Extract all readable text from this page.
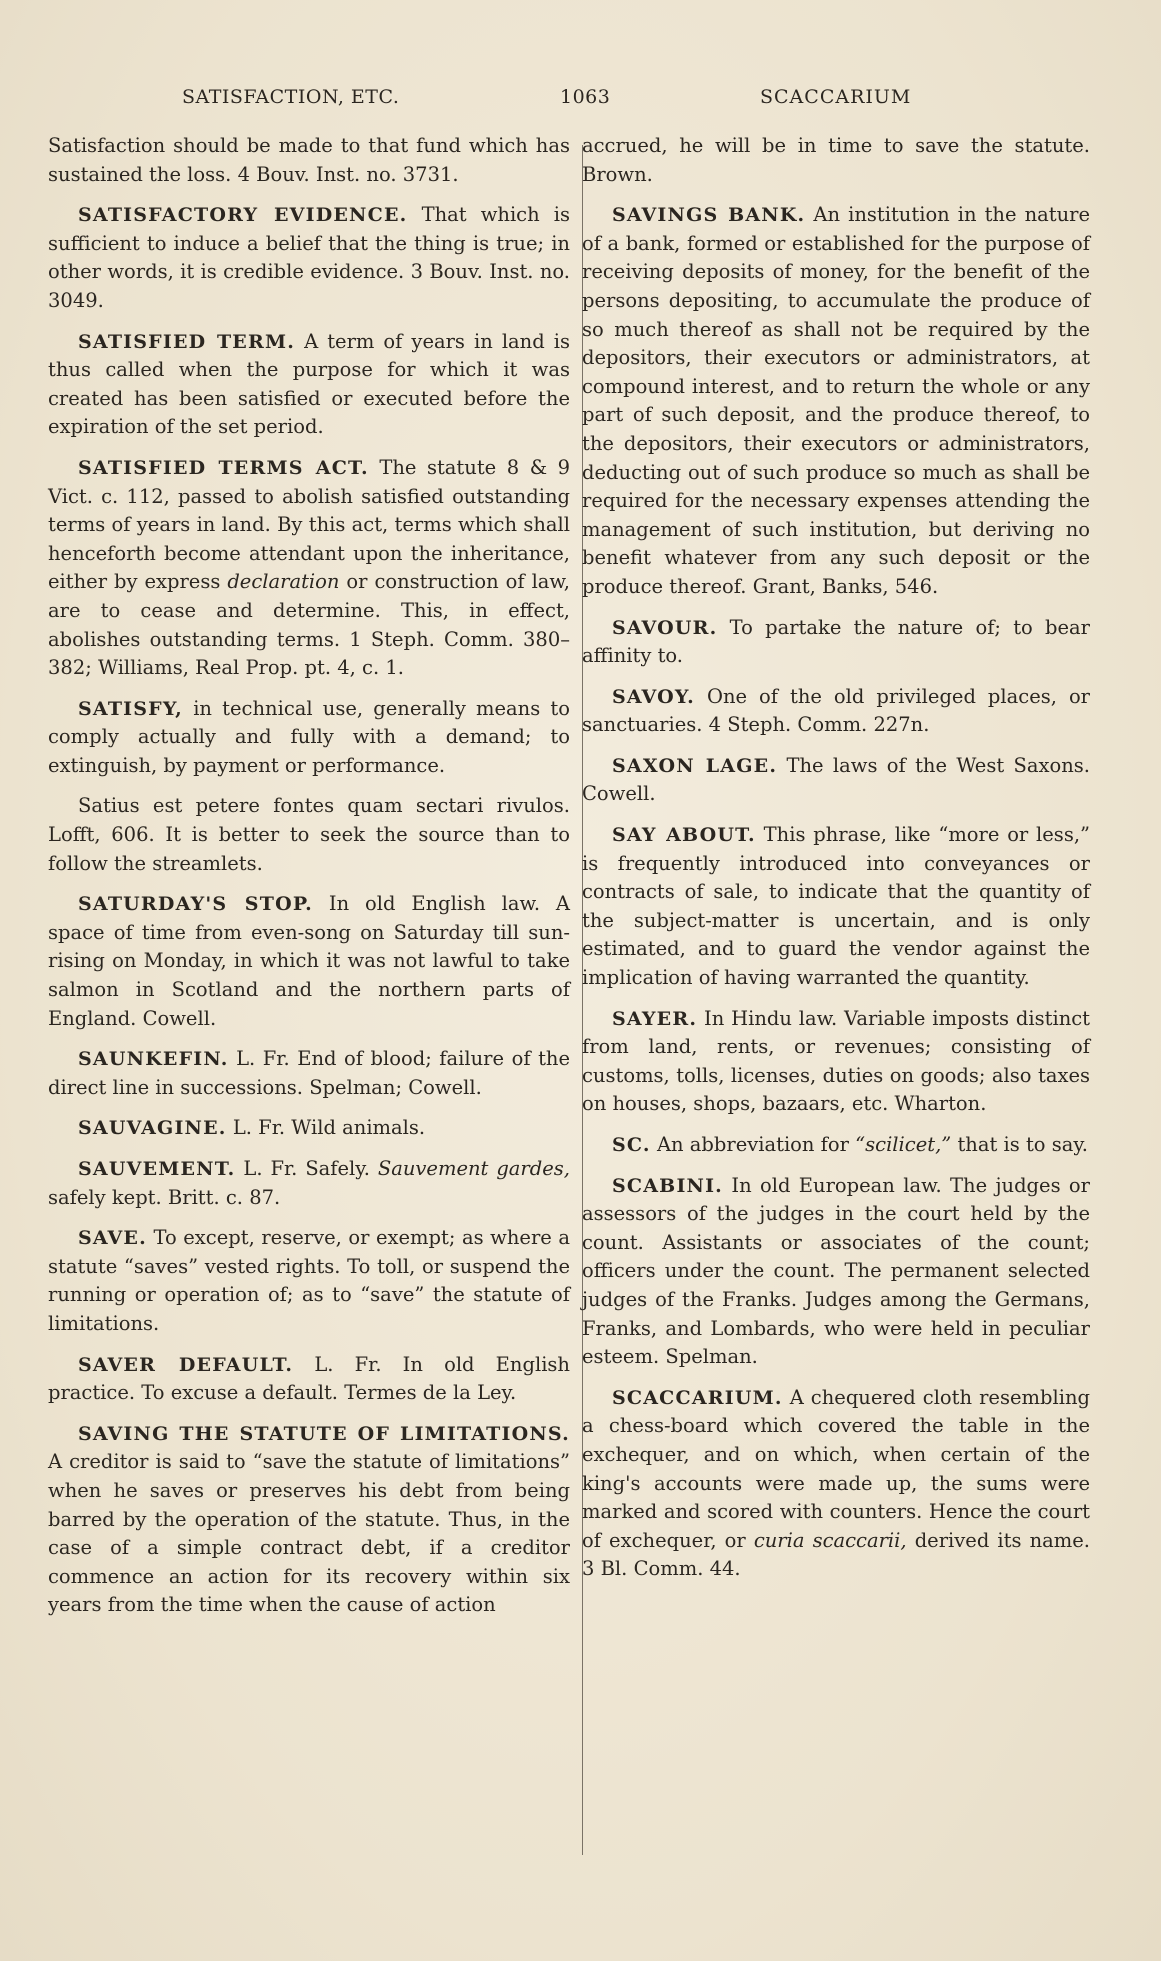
SATISFACTION, ETC.	1063	SCACCARIUM

Satisfaction should be made to that fund which has sustained the loss. 4 Bouv. Inst. no. 3731.

SATISFACTORY EVIDENCE. That which is sufficient to induce a belief that the thing is true; in other words, it is credible evidence. 3 Bouv. Inst. no. 3049.

SATISFIED TERM. A term of years in land is thus called when the purpose for which it was created has been satisfied or executed before the expiration of the set period.

SATISFIED TERMS ACT. The statute 8 & 9 Vict. c. 112, passed to abolish satisfied outstanding terms of years in land. By this act, terms which shall henceforth become attendant upon the inheritance, either by express declaration or construction of law, are to cease and determine. This, in effect, abolishes outstanding terms. 1 Steph. Comm. 380–382; Williams, Real Prop. pt. 4, c. 1.

SATISFY, in technical use, generally means to comply actually and fully with a demand; to extinguish, by payment or performance.

Satius est petere fontes quam sectari rivulos. Lofft, 606. It is better to seek the source than to follow the streamlets.

SATURDAY'S STOP. In old English law. A space of time from even-song on Saturday till sun-rising on Monday, in which it was not lawful to take salmon in Scotland and the northern parts of England. Cowell.

SAUNKEFIN. L. Fr. End of blood; failure of the direct line in successions. Spelman; Cowell.

SAUVAGINE. L. Fr. Wild animals.

SAUVEMENT. L. Fr. Safely. Sauvement gardes, safely kept. Britt. c. 87.

SAVE. To except, reserve, or exempt; as where a statute “saves” vested rights. To toll, or suspend the running or operation of; as to “save” the statute of limitations.

SAVER DEFAULT. L. Fr. In old English practice. To excuse a default. Termes de la Ley.

SAVING THE STATUTE OF LIMITATIONS. A creditor is said to “save the statute of limitations” when he saves or preserves his debt from being barred by the operation of the statute. Thus, in the case of a simple contract debt, if a creditor commence an action for its recovery within six years from the time when the cause of action

accrued, he will be in time to save the statute. Brown.

SAVINGS BANK. An institution in the nature of a bank, formed or established for the purpose of receiving deposits of money, for the benefit of the persons depositing, to accumulate the produce of so much thereof as shall not be required by the depositors, their executors or administrators, at compound interest, and to return the whole or any part of such deposit, and the produce thereof, to the depositors, their executors or administrators, deducting out of such produce so much as shall be required for the necessary expenses attending the management of such institution, but deriving no benefit whatever from any such deposit or the produce thereof. Grant, Banks, 546.

SAVOUR. To partake the nature of; to bear affinity to.

SAVOY. One of the old privileged places, or sanctuaries. 4 Steph. Comm. 227n.

SAXON LAGE. The laws of the West Saxons. Cowell.

SAY ABOUT. This phrase, like “more or less,” is frequently introduced into conveyances or contracts of sale, to indicate that the quantity of the subject-matter is uncertain, and is only estimated, and to guard the vendor against the implication of having warranted the quantity.

SAYER. In Hindu law. Variable imposts distinct from land, rents, or revenues; consisting of customs, tolls, licenses, duties on goods; also taxes on houses, shops, bazaars, etc. Wharton.

SC. An abbreviation for “scilicet,” that is to say.

SCABINI. In old European law. The judges or assessors of the judges in the court held by the count. Assistants or associates of the count; officers under the count. The permanent selected judges of the Franks. Judges among the Germans, Franks, and Lombards, who were held in peculiar esteem. Spelman.

SCACCARIUM. A chequered cloth resembling a chess-board which covered the table in the exchequer, and on which, when certain of the king's accounts were made up, the sums were marked and scored with counters. Hence the court of exchequer, or curia scaccarii, derived its name. 3 Bl. Comm. 44.
